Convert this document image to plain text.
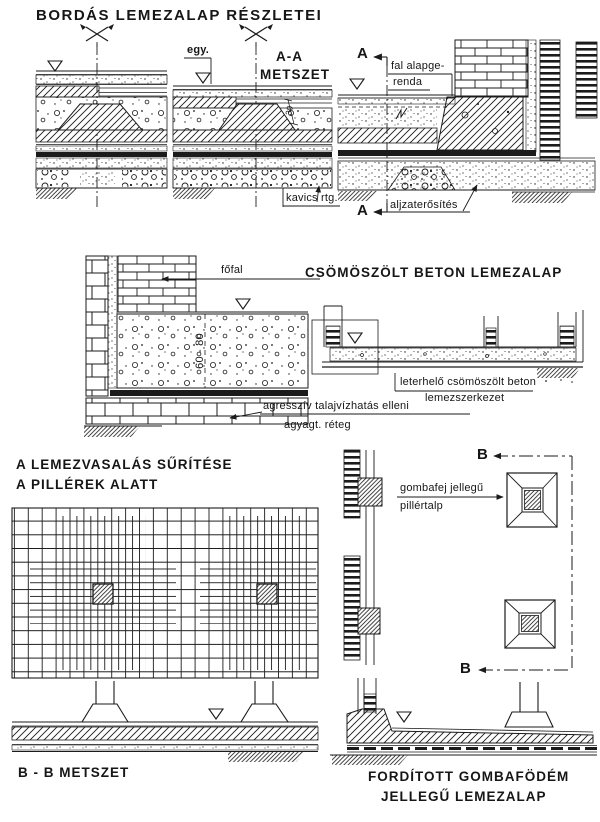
BORDÁS LEMEZALAP RÉSZLETEI
egy.	A-A
METSZET
A
fal alapge-
renda
30
kavics rtg.
aljzaterősítés
A
főfal	CSÖMÖSZÖLT BETON LEMEZALAP
60 - 80
agresszív talajvízhatás elleni
agyagt. réteg
leterhelő csömöszölt beton
lemezszerkezet
A LEMEZVASALÁS SŰRÍTÉSE
A PILLÉREK ALATT
B
gombafej jellegű
pillértalp
B
B - B METSZET	FORDÍTOTT GOMBAFÖDÉM
JELLEGŰ LEMEZALAP
